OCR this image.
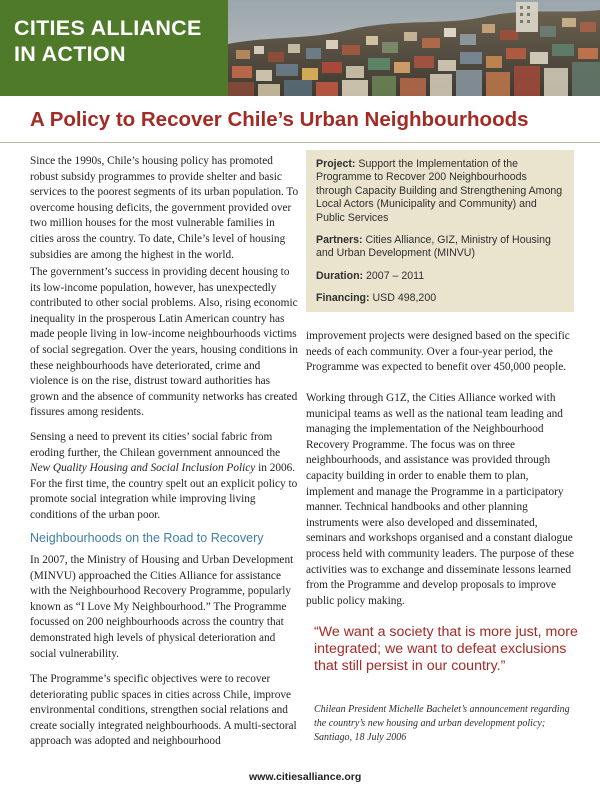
CITIES ALLIANCE
IN ACTION
A Policy to Recover Chile’s Urban Neighbourhoods

Since the 1990s, Chile’s housing policy has promoted robust subsidy programmes to provide shelter and basic services to the poorest segments of its urban population. To overcome housing deficits, the government provided over two million houses for the most vulnerable families in cities aross the country. To date, Chile’s level of housing subsidies are among the highest in the world.

The government’s success in providing decent housing to its low-income population, however, has unexpectedly contributed to other social problems. Also, rising economic inequality in the prosperous Latin American country has made people living in low-income neighbourhoods victims of social segregation. Over the years, housing conditions in these neighbourhoods have deteriorated, crime and violence is on the rise, distrust toward authorities has grown and the absence of community networks has created fissures among residents.

Sensing a need to prevent its cities’ social fabric from eroding further, the Chilean government announced the New Quality Housing and Social Inclusion Policy in 2006. For the first time, the country spelt out an explicit policy to promote social integration while improving living conditions of the urban poor.

Neighbourhoods on the Road to Recovery

In 2007, the Ministry of Housing and Urban Development (MINVU) approached the Cities Alliance for assistance with the Neighbourhood Recovery Programme, popularly known as “I Love My Neighbourhood.” The Programme focussed on 200 neighbourhoods across the country that demonstrated high levels of physical deterioration and social vulnerability.

The Programme’s specific objectives were to recover deteriorating public spaces in cities across Chile, improve environmental conditions, strengthen social relations and create socially integrated neighbourhoods. A multi-sectoral approach was adopted and neighbourhood

Project: Support the Implementation of the Programme to Recover 200 Neighbourhoods through Capacity Building and Strengthening Among Local Actors (Municipality and Community) and Public Services
Partners: Cities Alliance, GIZ, Ministry of Housing and Urban Development (MINVU)
Duration: 2007 – 2011
Financing: USD 498,200

improvement projects were designed based on the specific needs of each community. Over a four-year period, the Programme was expected to benefit over 450,000 people.

Working through G1Z, the Cities Alliance worked with municipal teams as well as the national team leading and managing the implementation of the Neighbourhood Recovery Programme. The focus was on three neighbourhoods, and assistance was provided through capacity building in order to enable them to plan, implement and manage the Programme in a participatory manner. Technical handbooks and other planning instruments were also developed and disseminated, seminars and workshops organised and a constant dialogue process held with community leaders. The purpose of these activities was to exchange and disseminate lessons learned from the Programme and develop proposals to improve public policy making.

“We want a society that is more just, more integrated; we want to defeat exclusions that still persist in our country.”
Chilean President Michelle Bachelet’s announcement regarding the country’s new housing and urban development policy; Santiago, 18 July 2006
www.citiesalliance.org
